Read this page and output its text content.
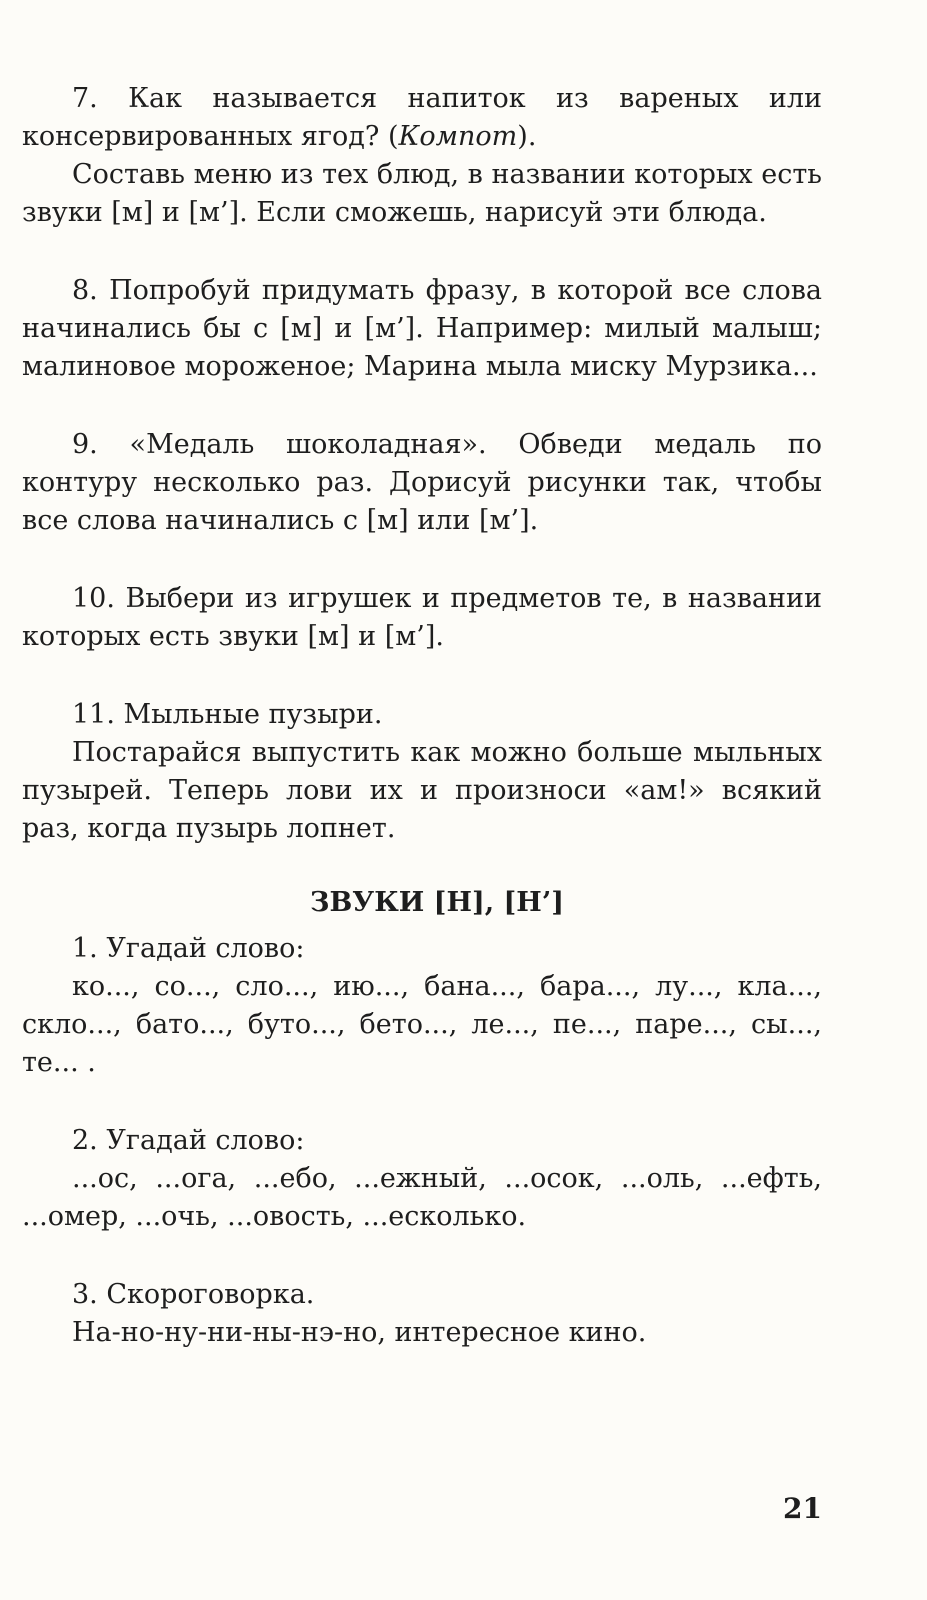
7. Как называется напиток из вареных или консервированных ягод? (Компот).

Составь меню из тех блюд, в названии которых есть звуки [м] и [м’]. Если сможешь, нарисуй эти блюда.

8. Попробуй придумать фразу, в которой все слова начинались бы с [м] и [м’]. Например: милый малыш; малиновое мороженое; Марина мыла миску Мурзика...

9. «Медаль шоколадная». Обведи медаль по контуру несколько раз. Дорисуй рисунки так, чтобы все слова начинались с [м] или [м’].

10. Выбери из игрушек и предметов те, в названии которых есть звуки [м] и [м’].

11. Мыльные пузыри.

Постарайся выпустить как можно больше мыльных пузырей. Теперь лови их и произноси «ам!» всякий раз, когда пузырь лопнет.

ЗВУКИ [Н], [Н’]

1. Угадай слово:

ко..., со..., сло..., ию..., бана..., бара..., лу..., кла..., скло..., бато..., буто..., бето..., ле..., пе..., паре..., сы..., те... .

2. Угадай слово:

...ос, ...ога, ...ебо, ...ежный, ...осок, ...оль, ...ефть, ...омер, ...очь, ...овость, ...есколько.

3. Скороговорка.

На-но-ну-ни-ны-нэ-но, интересное кино.

21
